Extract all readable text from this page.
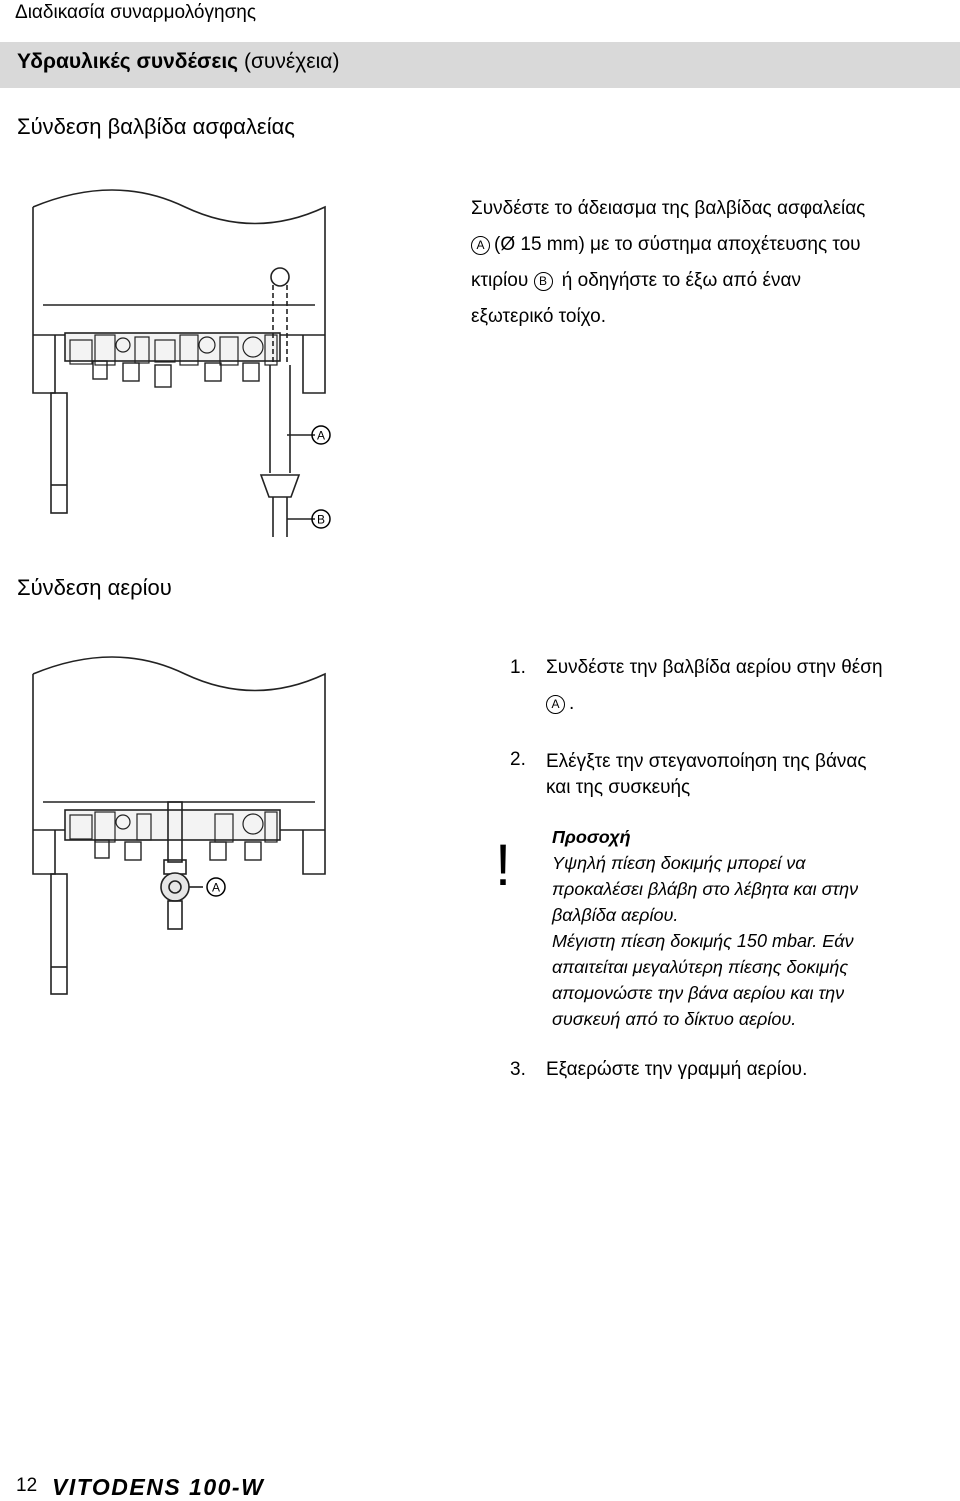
Διαδικασία συναρμολόγησης
Υδραυλικές συνδέσεις (συνέχεια)
Σύνδεση βαλβίδα ασφαλείας
A
B
Συνδέστε το άδειασμα της βαλβίδας ασφαλείας
A (Ø 15 mm) με το σύστημα αποχέτευσης του
κτιρίου B ή οδηγήστε το έξω από έναν
εξωτερικό τοίχο.
Σύνδεση αερίου
A
1. Συνδέστε την βαλβίδα αερίου στην θέση
A .
2. Ελέγξτε την στεγανοποίηση της βάνας
και της συσκευής
! Προσοχή
Υψηλή πίεση δοκιμής μπορεί να
προκαλέσει βλάβη στο λέβητα και στην
βαλβίδα αερίου.
Μέγιστη πίεση δοκιμής 150 mbar. Εάν
απαιτείται μεγαλύτερη πίεσης δοκιμής
απομονώστε την βάνα αερίου και την
συσκευή από το δίκτυο αερίου.
3. Εξαερώστε την γραμμή αερίου.
12 VITODENS 100-W
